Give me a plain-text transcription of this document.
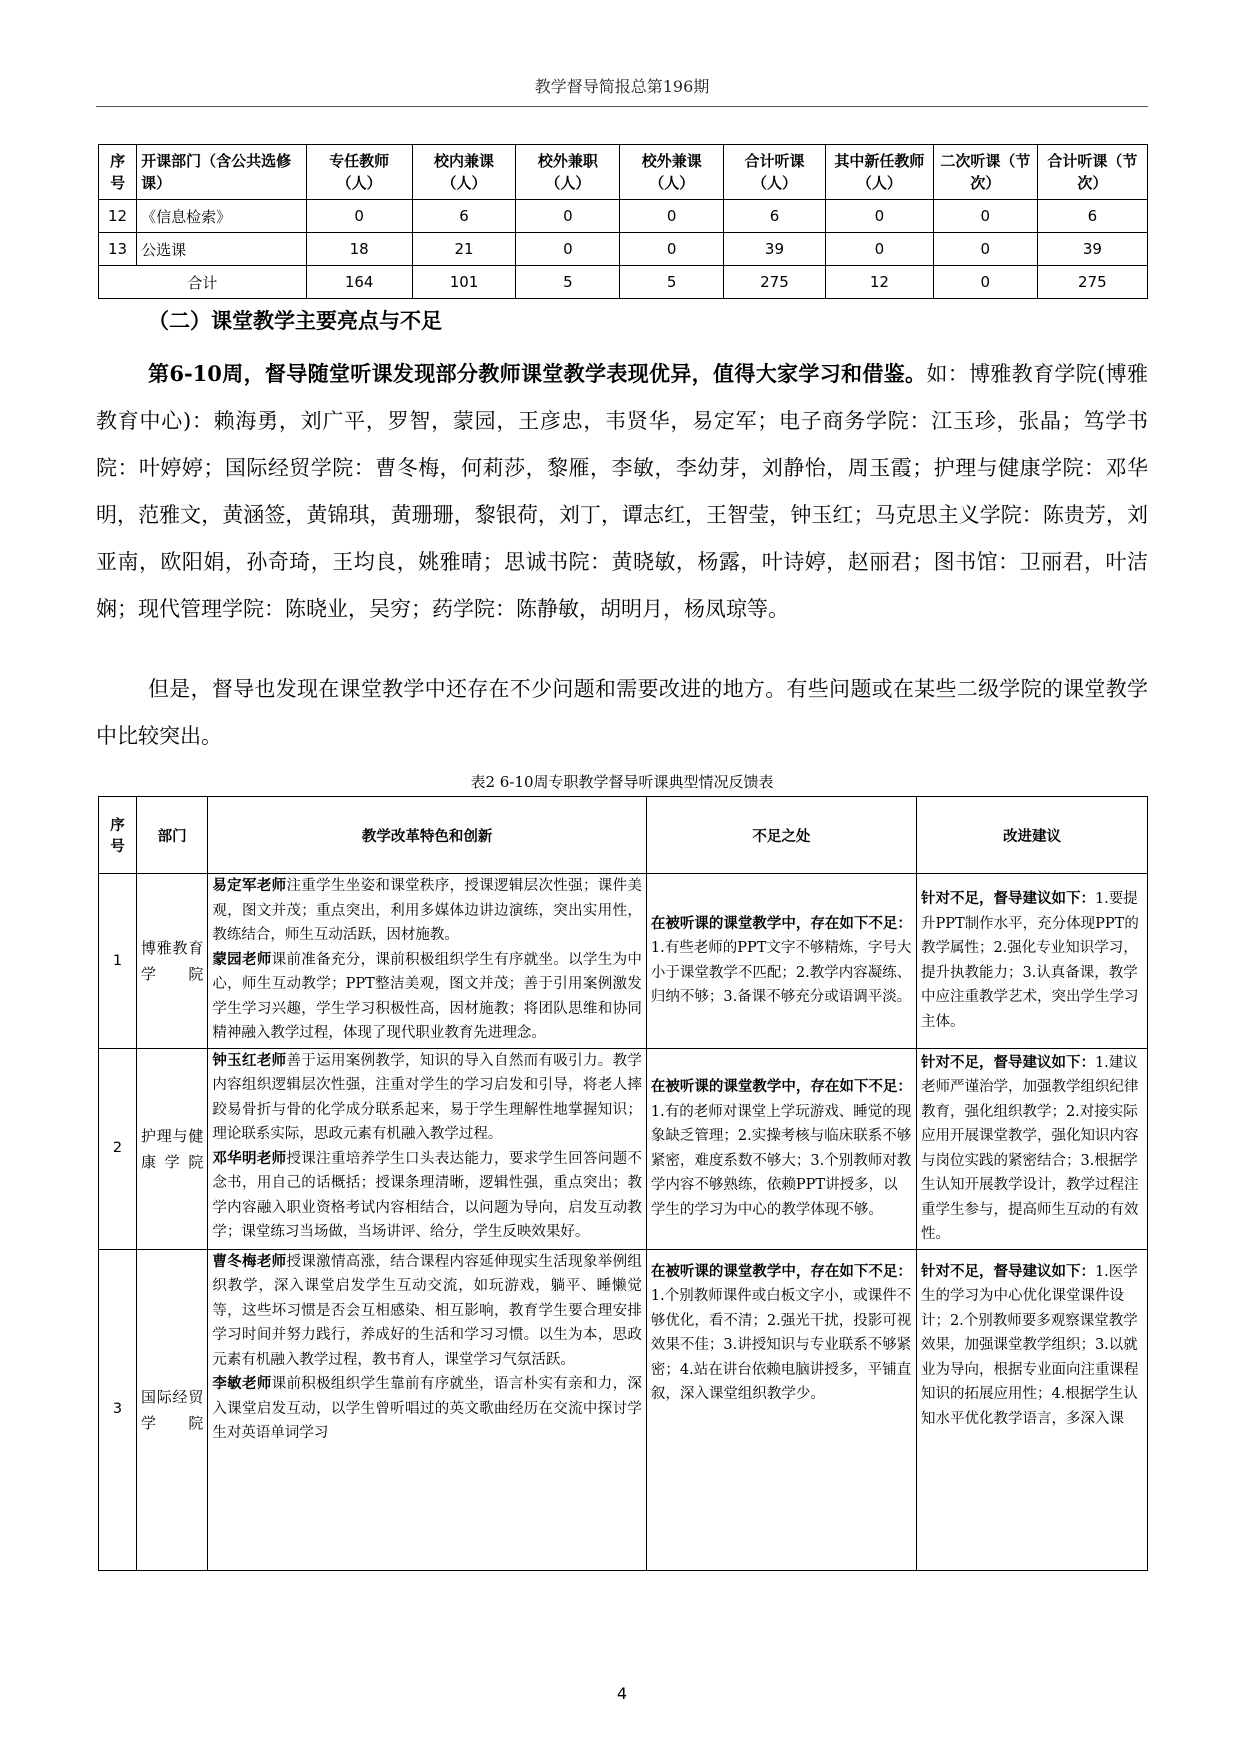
教学督导简报总第196期
序号	开课部门（含公共选修课）	专任教师（人）	校内兼课（人）	校外兼职（人）	校外兼课（人）	合计听课（人）	其中新任教师（人）	二次听课（节次）	合计听课（节次）
12	《信息检索》	0	6	0	0	6	0	0	6
13	公选课	18	21	0	0	39	0	0	39
合计		164	101	5	5	275	12	0	275
（二）课堂教学主要亮点与不足

第6-10周，督导随堂听课发现部分教师课堂教学表现优异，值得大家学习和借鉴。如：博雅教育学院(博雅教育中心)：赖海勇，刘广平，罗智，蒙园，王彦忠，韦贤华，易定军；电子商务学院：江玉珍，张晶；笃学书院：叶婷婷；国际经贸学院：曹冬梅，何莉莎，黎雁，李敏，李幼芽，刘静怡，周玉霞；护理与健康学院：邓华明，范雅文，黄涵签，黄锦琪，黄珊珊，黎银荷，刘丁，谭志红，王智莹，钟玉红；马克思主义学院：陈贵芳，刘亚南，欧阳娟，孙奇琦，王均良，姚雅晴；思诚书院：黄晓敏，杨露，叶诗婷，赵丽君；图书馆：卫丽君，叶洁娴；现代管理学院：陈晓业，吴穷；药学院：陈静敏，胡明月，杨凤琼等。

但是，督导也发现在课堂教学中还存在不少问题和需要改进的地方。有些问题或在某些二级学院的课堂教学中比较突出。

表2 6-10周专职教学督导听课典型情况反馈表
序号	部门	教学改革特色和创新	不足之处	改进建议
1	博雅教育学院	易定军老师注重学生坐姿和课堂秩序，授课逻辑层次性强；课件美观，图文并茂；重点突出，利用多媒体边讲边演练，突出实用性，教练结合，师生互动活跃，因材施教。
蒙园老师课前准备充分，课前积极组织学生有序就坐。以学生为中心，师生互动教学；PPT整洁美观，图文并茂；善于引用案例激发学生学习兴趣，学生学习积极性高，因材施教；将团队思维和协同精神融入教学过程，体现了现代职业教育先进理念。	在被听课的课堂教学中，存在如下不足：1.有些老师的PPT文字不够精炼，字号大小于课堂教学不匹配；2.教学内容凝练、归纳不够；3.备课不够充分或语调平淡。	针对不足，督导建议如下：1.要提升PPT制作水平，充分体现PPT的教学属性；2.强化专业知识学习，提升执教能力；3.认真备课，教学中应注重教学艺术，突出学生学习主体。
2	护理与健康学院	钟玉红老师善于运用案例教学，知识的导入自然而有吸引力。教学内容组织逻辑层次性强，注重对学生的学习启发和引导，将老人摔跤易骨折与骨的化学成分联系起来，易于学生理解性地掌握知识；理论联系实际，思政元素有机融入教学过程。
邓华明老师授课注重培养学生口头表达能力，要求学生回答问题不念书，用自己的话概括；授课条理清晰，逻辑性强，重点突出；教学内容融入职业资格考试内容相结合，以问题为导向，启发互动教学；课堂练习当场做，当场讲评、给分，学生反映效果好。	在被听课的课堂教学中，存在如下不足：1.有的老师对课堂上学玩游戏、睡觉的现象缺乏管理；2.实操考核与临床联系不够紧密，难度系数不够大；3.个别教师对教学内容不够熟练，依赖PPT讲授多，以学生的学习为中心的教学体现不够。	针对不足，督导建议如下：1.建议老师严谨治学，加强教学组织纪律教育，强化组织教学；2.对接实际应用开展课堂教学，强化知识内容与岗位实践的紧密结合；3.根据学生认知开展教学设计，教学过程注重学生参与，提高师生互动的有效性。
3	国际经贸学院	曹冬梅老师授课激情高涨，结合课程内容延伸现实生活现象举例组织教学，深入课堂启发学生互动交流，如玩游戏，躺平、睡懒觉等，这些坏习惯是否会互相感染、相互影响，教育学生要合理安排学习时间并努力践行，养成好的生活和学习习惯。以生为本，思政元素有机融入教学过程，教书育人，课堂学习气氛活跃。
李敏老师课前积极组织学生靠前有序就坐，语言朴实有亲和力，深入课堂启发互动，以学生曾听唱过的英文歌曲经历在交流中探讨学生对英语单词学习	在被听课的课堂教学中，存在如下不足：1.个别教师课件或白板文字小，或课件不够优化，看不清；2.强光干扰，投影可视效果不佳；3.讲授知识与专业联系不够紧密；4.站在讲台依赖电脑讲授多，平铺直叙，深入课堂组织教学少。	针对不足，督导建议如下：1.医学生的学习为中心优化课堂课件设计；2.个别教师要多观察课堂教学效果，加强课堂教学组织；3.以就业为导向，根据专业面向注重课程知识的拓展应用性；4.根据学生认知水平优化教学语言，多深入课
4
